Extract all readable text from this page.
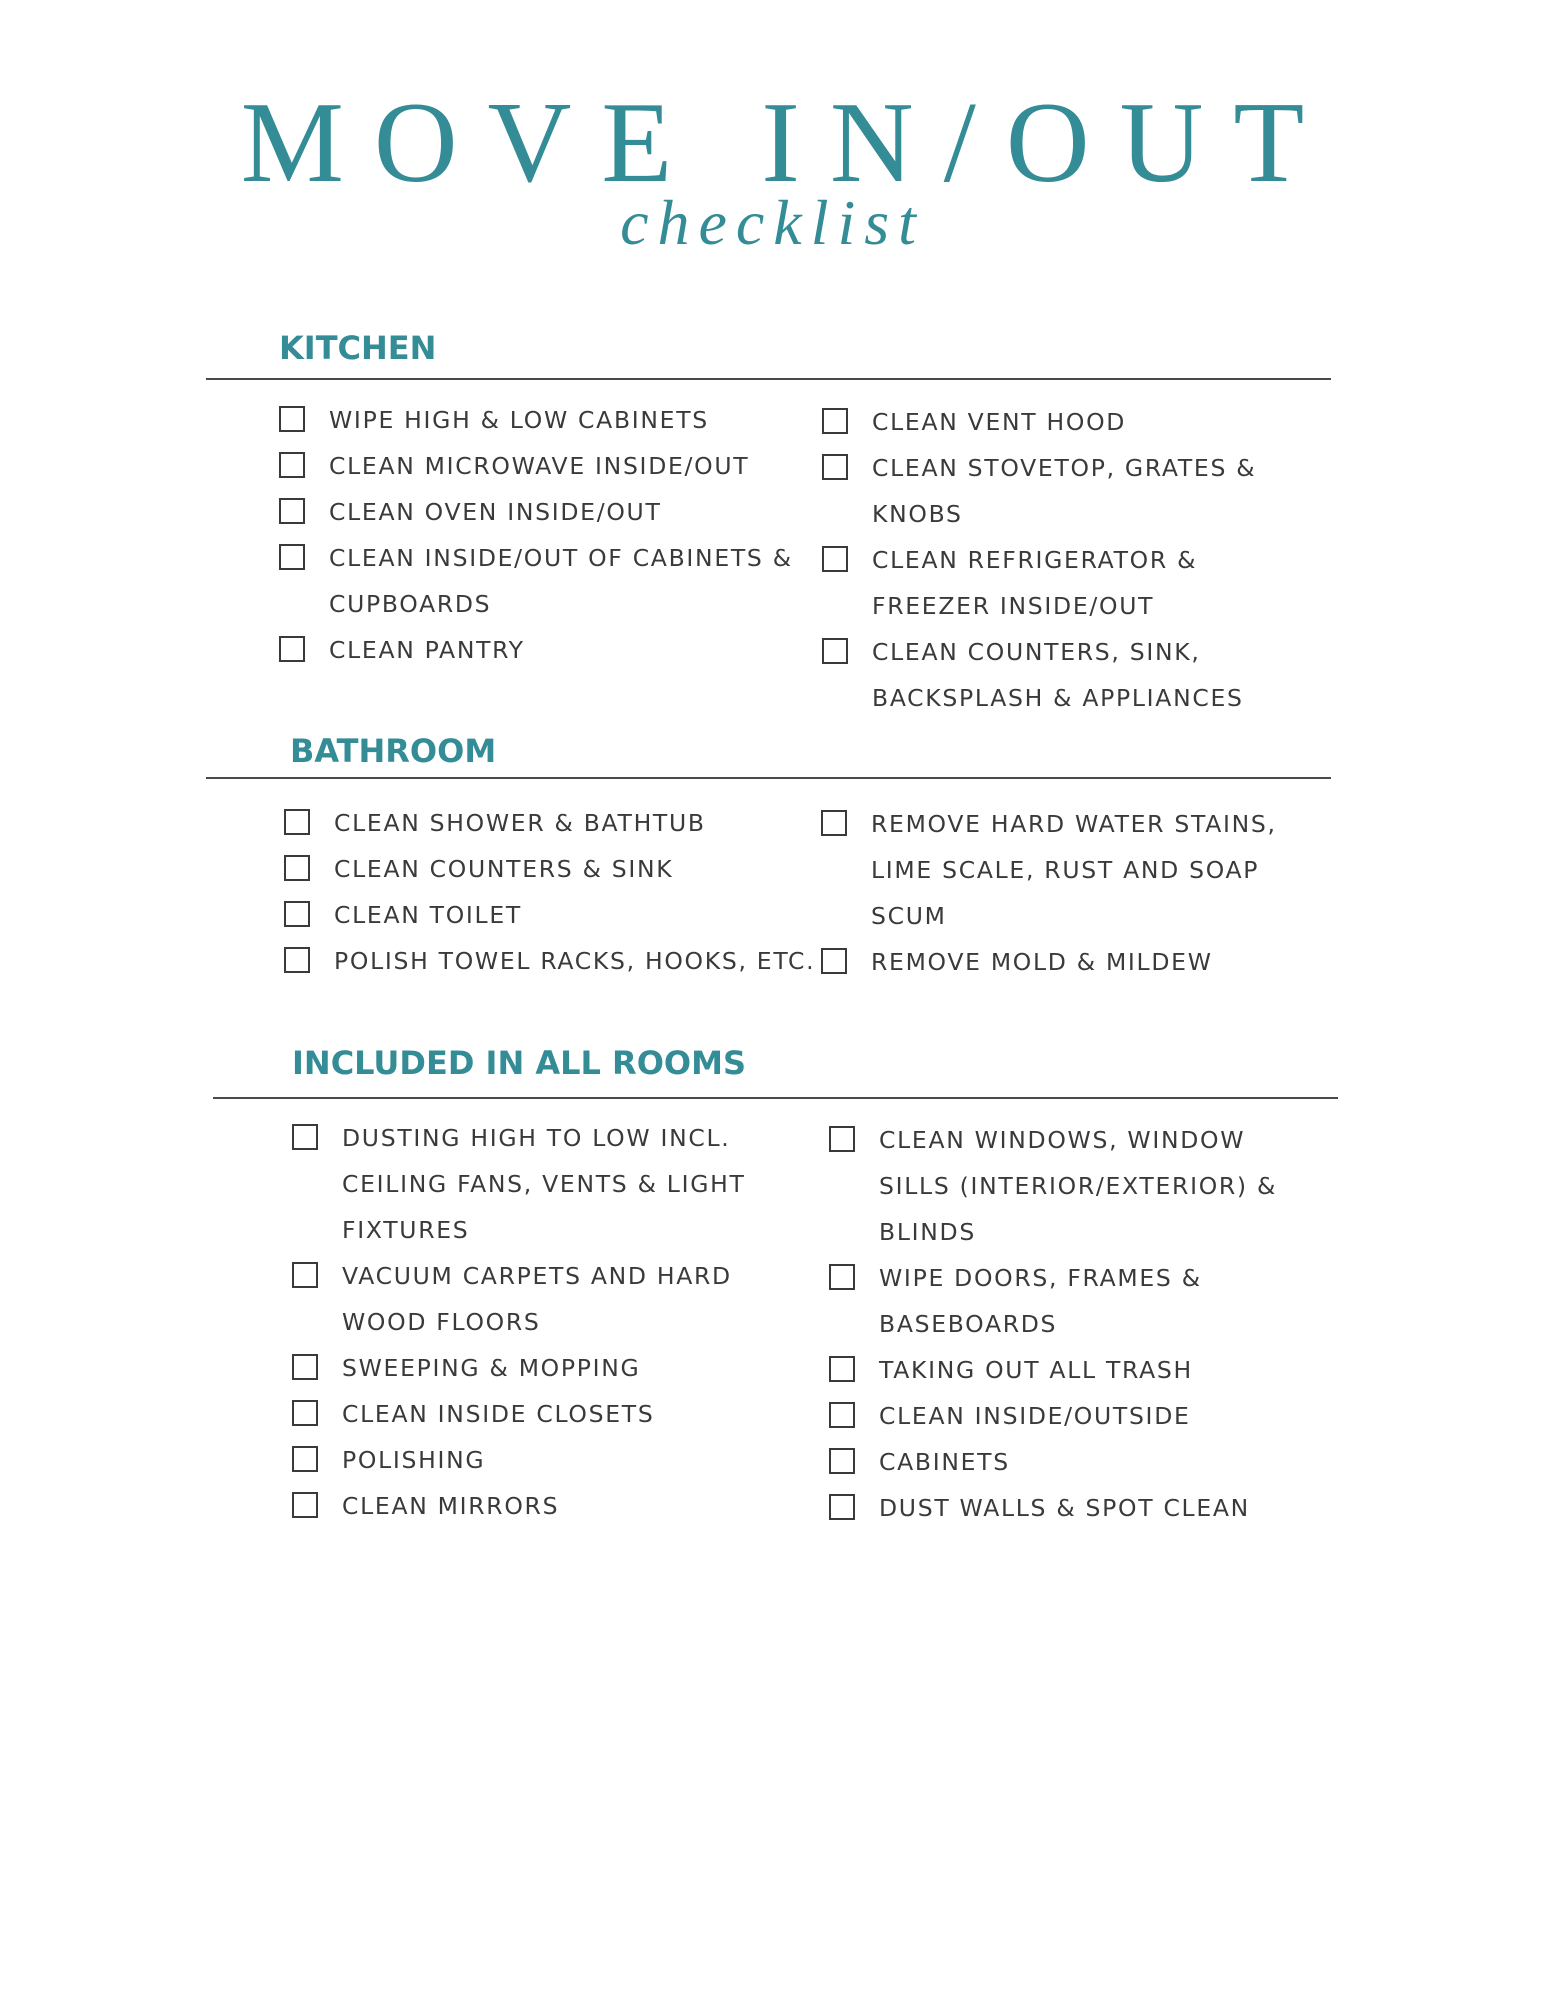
MOVE IN/OUT
checklist
KITCHEN
WIPE HIGH & LOW CABINETS
CLEAN MICROWAVE INSIDE/OUT
CLEAN OVEN INSIDE/OUT
CLEAN INSIDE/OUT OF CABINETS &
CUPBOARDS
CLEAN PANTRY
CLEAN VENT HOOD
CLEAN STOVETOP, GRATES &
KNOBS
CLEAN REFRIGERATOR &
FREEZER INSIDE/OUT
CLEAN COUNTERS, SINK,
BACKSPLASH & APPLIANCES
BATHROOM
CLEAN SHOWER & BATHTUB
CLEAN COUNTERS & SINK
CLEAN TOILET
POLISH TOWEL RACKS, HOOKS, ETC.
REMOVE HARD WATER STAINS,
LIME SCALE, RUST AND SOAP
SCUM
REMOVE MOLD & MILDEW
INCLUDED IN ALL ROOMS
DUSTING HIGH TO LOW INCL.
CEILING FANS, VENTS & LIGHT
FIXTURES
VACUUM CARPETS AND HARD
WOOD FLOORS
SWEEPING & MOPPING
CLEAN INSIDE CLOSETS
POLISHING
CLEAN MIRRORS
CLEAN WINDOWS, WINDOW
SILLS (INTERIOR/EXTERIOR) &
BLINDS
WIPE DOORS, FRAMES &
BASEBOARDS
TAKING OUT ALL TRASH
CLEAN INSIDE/OUTSIDE
CABINETS
DUST WALLS & SPOT CLEAN
